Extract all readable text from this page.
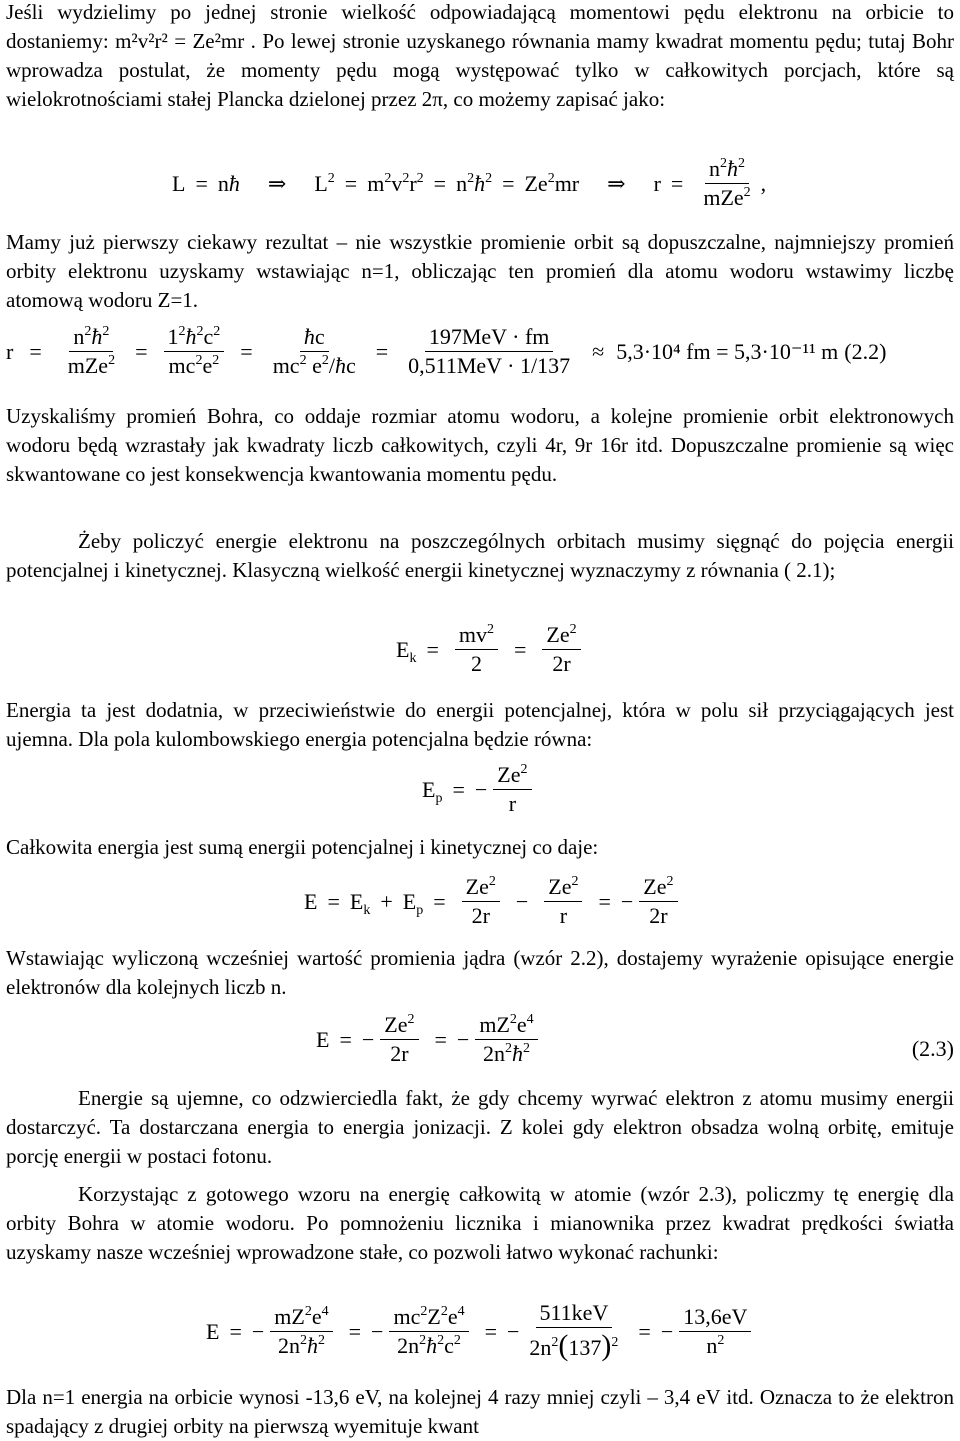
Jeśli wydzielimy po jednej stronie wielkość odpowiadającą momentowi pędu elektronu na orbicie to dostaniemy: m²v²r² = Ze²mr . Po lewej stronie uzyskanego równania mamy kwadrat momentu pędu; tutaj Bohr wprowadza postulat, że momenty pędu mogą występować tylko w całkowitych porcjach, które są wielokrotnościami stałej Plancka dzielonej przez 2π, co możemy zapisać jako:

L = nħ ⇒ $L^2 = m^2v^2r^2$ = $n^2ħ^2 = Ze^2mr$ ⇒ $r = \frac{n^2ħ^2}{mZe^2}$ ,

Mamy już pierwszy ciekawy rezultat – nie wszystkie promienie orbit są dopuszczalne, najmniejszy promień orbity elektronu uzyskamy wstawiając n=1, obliczając ten promień dla atomu wodoru wstawimy liczbę atomową wodoru Z=1.

$r = \frac{n^2ħ^2}{mZe^2} = \frac{1^2ħ^2c^2}{mc^2e^2} = \frac{ħc}{mc^2 e^2/ħc} = \frac{\text{197MeV · fm}}{\text{0,511MeV · 1/137}} \approx 5,3\cdot 10^4$ fm = 5,3·10⁻¹¹ m (2.2)

Uzyskaliśmy promień Bohra, co oddaje rozmiar atomu wodoru, a kolejne promienie orbit elektronowych wodoru będą wzrastały jak kwadraty liczb całkowitych, czyli 4r, 9r 16r itd. Dopuszczalne promienie są więc skwantowane co jest konsekwencja kwantowania momentu pędu.

Żeby policzyć energie elektronu na poszczególnych orbitach musimy sięgnąć do pojęcia energii potencjalnej i kinetycznej. Klasyczną wielkość energii kinetycznej wyznaczymy z równania ( 2.1);

$E_k = \frac{mv^2}{2} = \frac{Ze^2}{2r}$

Energia ta jest dodatnia, w przeciwieństwie do energii potencjalnej, która w polu sił przyciągających jest ujemna. Dla pola kulombowskiego energia potencjalna będzie równa:

$E_p$ = − $\frac{Ze^2}{r}$

Całkowita energia jest sumą energii potencjalnej i kinetycznej co daje:

$E = E_k + E_p = \frac{Ze^2}{2r} - \frac{Ze^2}{r}$ = − $\frac{Ze^2}{2r}$

Wstawiając wyliczoną wcześniej wartość promienia jądra (wzór 2.2), dostajemy wyrażenie opisujące energie elektronów dla kolejnych liczb n.

E = − $\frac{Ze^2}{2r}$ = − $\frac{mZ^2e^4}{2n^2ħ^2}$	(2.3)

Energie są ujemne, co odzwierciedla fakt, że gdy chcemy wyrwać elektron z atomu musimy energii dostarczyć. Ta dostarczana energia to energia jonizacji. Z kolei gdy elektron obsadza wolną orbitę, emituje porcję energii w postaci fotonu.

Korzystając z gotowego wzoru na energię całkowitą w atomie (wzór 2.3), policzmy tę energię dla orbity Bohra w atomie wodoru. Po pomnożeniu licznika i mianownika przez kwadrat prędkości światła uzyskamy nasze wcześniej wprowadzone stałe, co pozwoli łatwo wykonać rachunki:

E = − $\frac{mZ^2e^4}{2n^2ħ^2}$ = − $\frac{mc^2Z^2e^4}{2n^2ħ^2c^2}$ = − $\frac{\text{511keV}}{2n^2(137)^2}$ = − $\frac{13,6eV}{n^2}$

Dla n=1 energia na orbicie wynosi -13,6 eV, na kolejnej 4 razy mniej czyli – 3,4 eV itd. Oznacza to że elektron spadający z drugiej orbity na pierwszą wyemituje kwant
